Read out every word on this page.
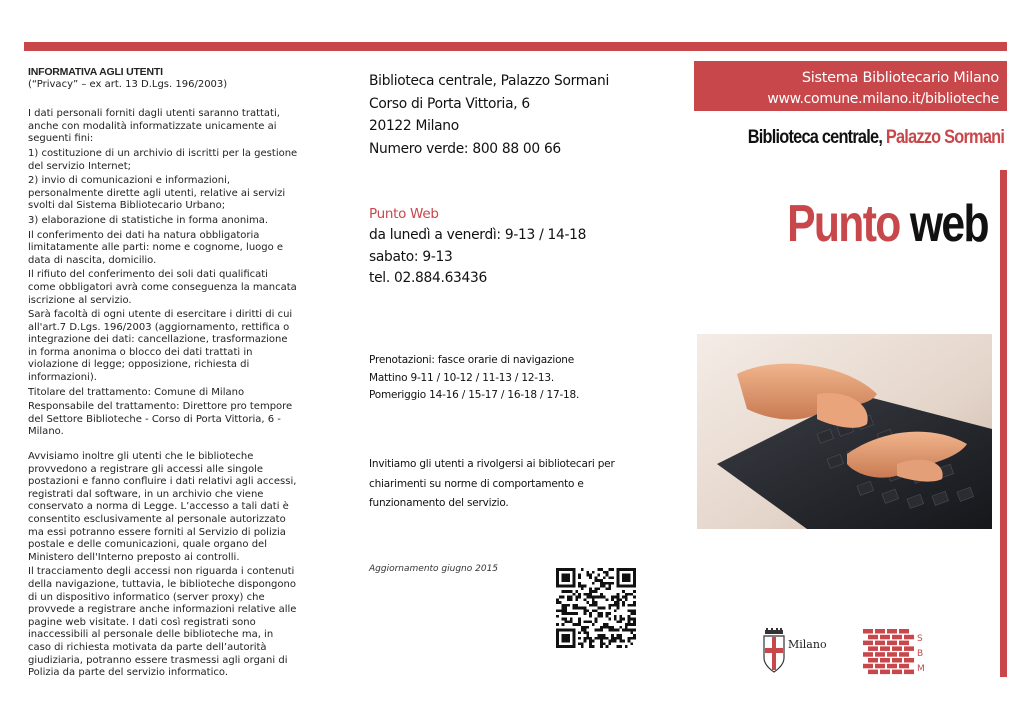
INFORMATIVA AGLI UTENTI
(“Privacy” – ex art. 13 D.Lgs. 196/2003)

I dati personali forniti dagli utenti saranno trattati, anche con modalità informatizzate unicamente ai seguenti fini:

1) costituzione di un archivio di iscritti per la gestione del servizio Internet;

2) invio di comunicazioni e informazioni, personalmente dirette agli utenti, relative ai servizi svolti dal Sistema Bibliotecario Urbano;

3) elaborazione di statistiche in forma anonima.

Il conferimento dei dati ha natura obbligatoria limitatamente alle parti: nome e cognome, luogo e data di nascita, domicilio.

Il rifiuto del conferimento dei soli dati qualificati come obbligatori avrà come conseguenza la mancata iscrizione al servizio.

Sarà facoltà di ogni utente di esercitare i diritti di cui all'art.7 D.Lgs. 196/2003 (aggiornamento, rettifica o integrazione dei dati: cancellazione, trasformazione in forma anonima o blocco dei dati trattati in violazione di legge; opposizione, richiesta di informazioni).

Titolare del trattamento: Comune di Milano

Responsabile del trattamento: Direttore pro tempore del Settore Biblioteche - Corso di Porta Vittoria, 6 - Milano.

Avvisiamo inoltre gli utenti che le biblioteche provvedono a registrare gli accessi alle singole postazioni e fanno confluire i dati relativi agli accessi, registrati dal software, in un archivio che viene conservato a norma di Legge. L’accesso a tali dati è consentito esclusivamente al personale autorizzato ma essi potranno essere forniti al Servizio di polizia postale e delle comunicazioni, quale organo del Ministero dell'Interno preposto ai controlli.

Il tracciamento degli accessi non riguarda i contenuti della navigazione, tuttavia, le biblioteche dispongono di un dispositivo informatico (server proxy) che provvede a registrare anche informazioni relative alle pagine web visitate. I dati così registrati sono inaccessibili al personale delle biblioteche ma, in caso di richiesta motivata da parte dell’autorità giudiziaria, potranno essere trasmessi agli organi di Polizia da parte del servizio informatico.

Biblioteca centrale, Palazzo Sormani
Corso di Porta Vittoria, 6
20122 Milano
Numero verde: 800 88 00 66
Punto Web
da lunedì a venerdì: 9-13 / 14-18
sabato: 9-13
tel. 02.884.63436
Prenotazioni: fasce orarie di navigazione
Mattino 9-11 / 10-12 / 11-13 / 12-13.
Pomeriggio 14-16 / 15-17 / 16-18 / 17-18.
Invitiamo gli utenti a rivolgersi ai bibliotecari per
chiarimenti su norme di comportamento e
funzionamento del servizio.
Aggiornamento giugno 2015
Sistema Bibliotecario Milano
www.comune.milano.it/biblioteche
Biblioteca centrale, Palazzo Sormani
Punto web
Milano	S
B
M
